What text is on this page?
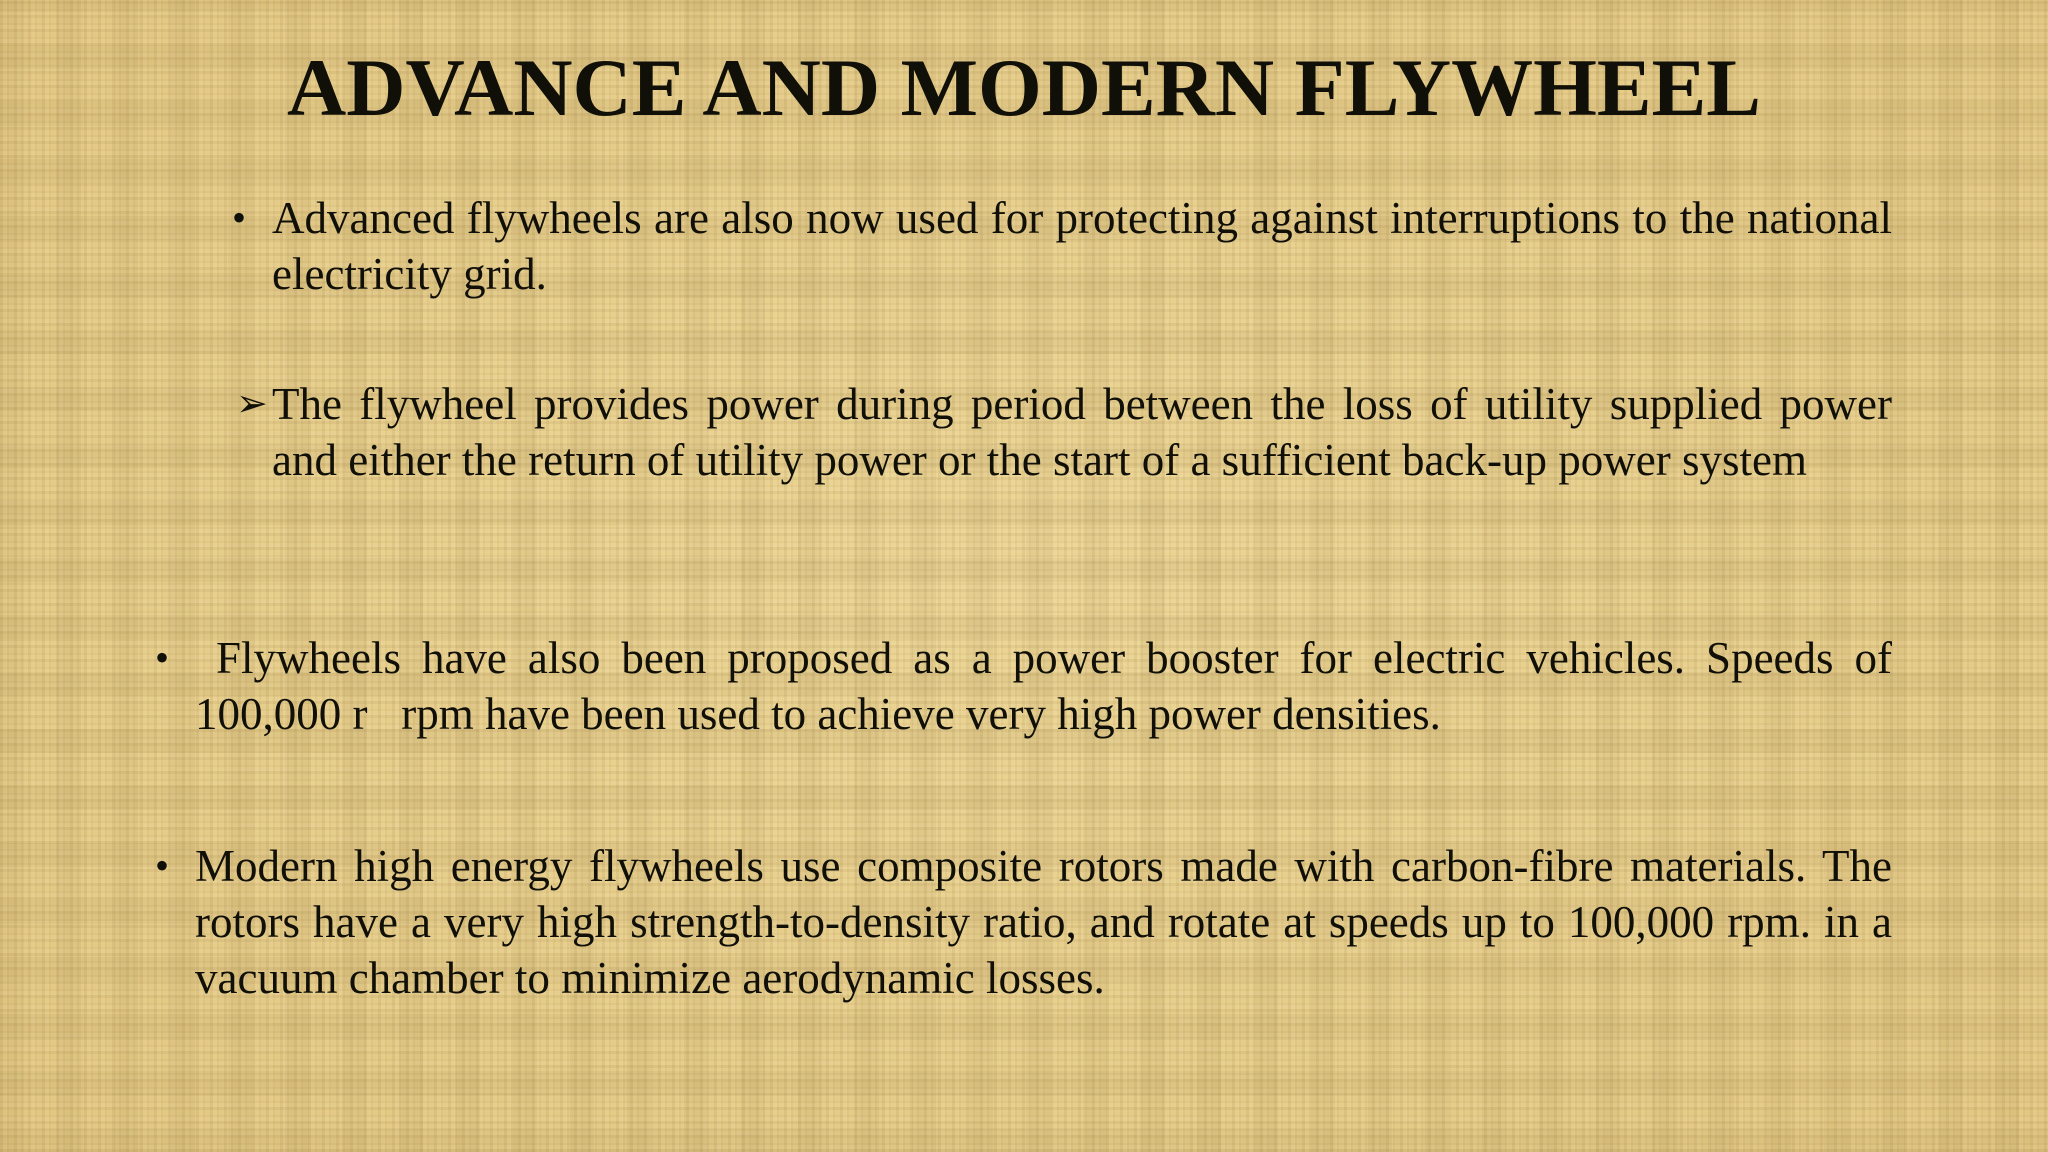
ADVANCE AND MODERN FLYWHEEL
• Advanced flywheels are also now used for protecting against interruptions to the national electricity grid.
➢ The flywheel provides power during period between the loss of utility supplied power and either the return of utility power or the start of a sufficient back-up power system
• Flywheels have also been proposed as a power booster for electric vehicles. Speeds of 100,000 r   rpm have been used to achieve very high power densities.
• Modern high energy flywheels use composite rotors made with carbon-fibre materials. The rotors have a very high strength-to-density ratio, and rotate at speeds up to 100,000 rpm. in a vacuum chamber to minimize aerodynamic losses.
